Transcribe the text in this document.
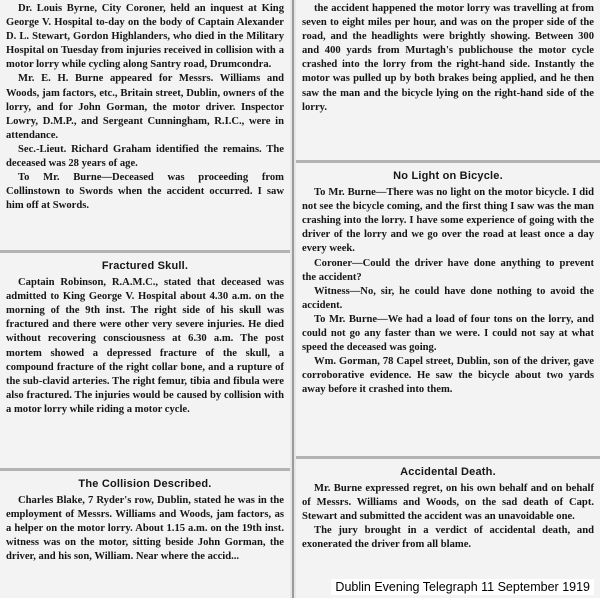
Dr. Louis Byrne, City Coroner, held an inquest at King George V. Hospital to-day on the body of Captain Alexander D. L. Stewart, Gordon Highlanders, who died in the Military Hospital on Tuesday from injuries received in collision with a motor lorry while cycling along Santry road, Drumcondra.

Mr. E. H. Burne appeared for Messrs. Williams and Woods, jam factors, etc., Britain street, Dublin, owners of the lorry, and for John Gorman, the motor driver. Inspector Lowry, D.M.P., and Sergeant Cunningham, R.I.C., were in attendance.

Sec.-Lieut. Richard Graham identified the remains. The deceased was 28 years of age.

To Mr. Burne—Deceased was proceeding from Collinstown to Swords when the accident occurred. I saw him off at Swords.

Fractured Skull.

Captain Robinson, R.A.M.C., stated that deceased was admitted to King George V. Hospital about 4.30 a.m. on the morning of the 9th inst. The right side of his skull was fractured and there were other very severe injuries. He died without recovering consciousness at 6.30 a.m. The post mortem showed a depressed fracture of the skull, a compound fracture of the right collar bone, and a rupture of the sub-clavid arteries. The right femur, tibia and fibula were also fractured. The injuries would be caused by collision with a motor lorry while riding a motor cycle.

The Collision Described.

Charles Blake, 7 Ryder's row, Dublin, stated he was in the employment of Messrs. Williams and Woods, jam factors, as a helper on the motor lorry. About 1.15 a.m. on the 19th inst. witness was on the motor, sitting beside John Gorman, the driver, and his son, William. Near where the accid...

the accident happened the motor lorry was travelling at from seven to eight miles per hour, and was on the proper side of the road, and the headlights were brightly showing. Between 300 and 400 yards from Murtagh's publichouse the motor cycle crashed into the lorry from the right-hand side. Instantly the motor was pulled up by both brakes being applied, and he then saw the man and the bicycle lying on the right-hand side of the lorry.

No Light on Bicycle.

To Mr. Burne—There was no light on the motor bicycle. I did not see the bicycle coming, and the first thing I saw was the man crashing into the lorry. I have some experience of going with the driver of the lorry and we go over the road at least once a day every week.

Coroner—Could the driver have done anything to prevent the accident?

Witness—No, sir, he could have done nothing to avoid the accident.

To Mr. Burne—We had a load of four tons on the lorry, and could not go any faster than we were. I could not say at what speed the deceased was going.

Wm. Gorman, 78 Capel street, Dublin, son of the driver, gave corroborative evidence. He saw the bicycle about two yards away before it crashed into them.

Accidental Death.

Mr. Burne expressed regret, on his own behalf and on behalf of Messrs. Williams and Woods, on the sad death of Capt. Stewart and submitted the accident was an unavoidable one.

The jury brought in a verdict of accidental death, and exonerated the driver from all blame.

Dublin Evening Telegraph 11 September 1919
